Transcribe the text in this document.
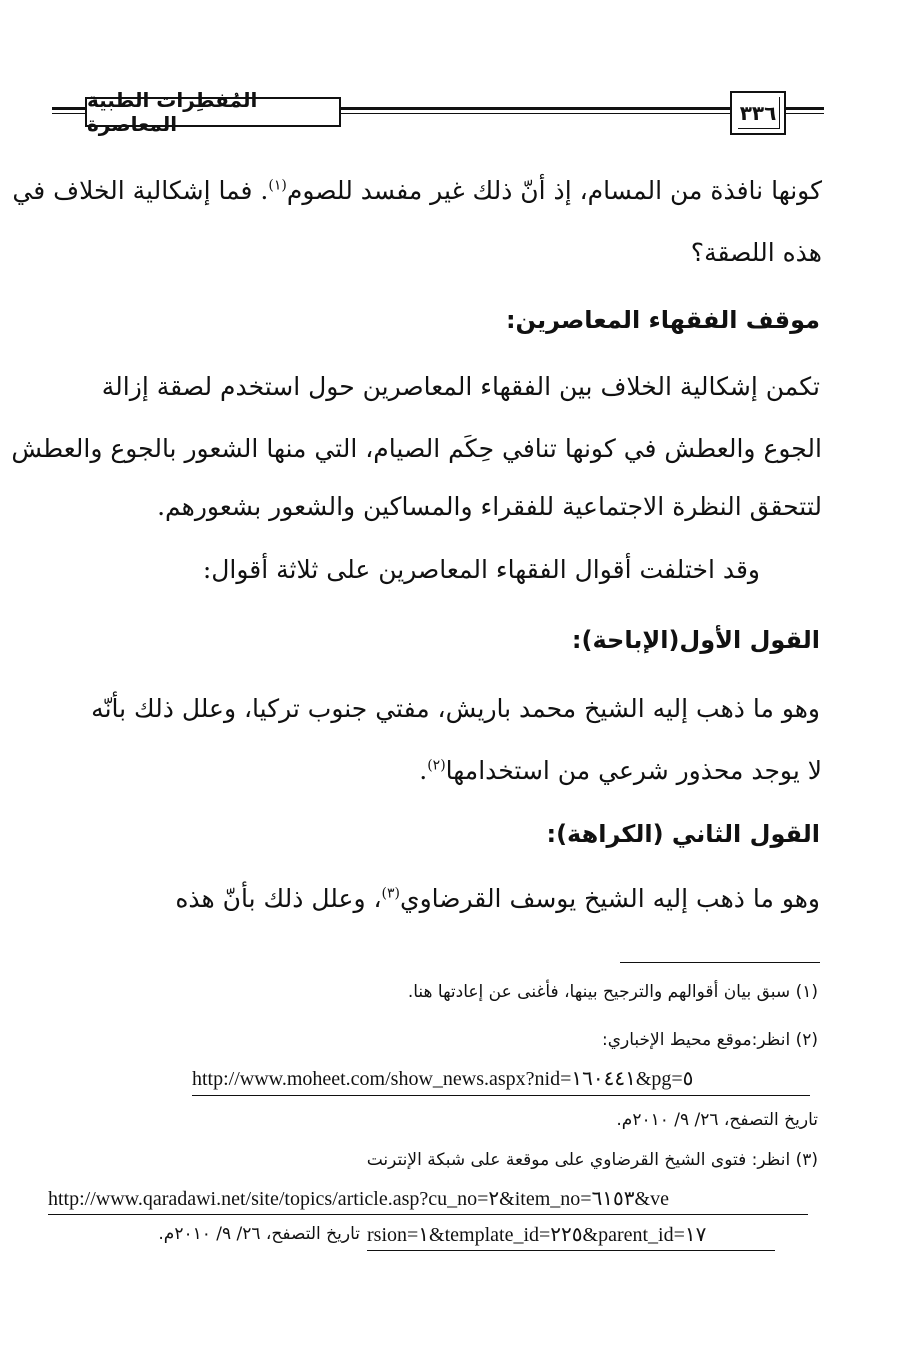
المُفطِرات الطبية المعاصرة	٣٣٦
كونها نافذة من المسام، إذ أنّ ذلك غير مفسد للصوم$^{(١)}$. فما إشكالية الخلاف في
هذه اللصقة؟
موقف الفقهاء المعاصرين:
تكمن إشكالية الخلاف بين الفقهاء المعاصرين حول استخدم لصقة إزالة
الجوع والعطش في كونها تنافي حِكَم الصيام، التي منها الشعور بالجوع والعطش
لتتحقق النظرة الاجتماعية للفقراء والمساكين والشعور بشعورهم.
وقد اختلفت أقوال الفقهاء المعاصرين على ثلاثة أقوال:
القول الأول(الإباحة):
وهو ما ذهب إليه الشيخ محمد باريش، مفتي جنوب تركيا، وعلل ذلك بأنّه
لا يوجد محذور شرعي من استخدامها$^{(٢)}$.
القول الثاني (الكراهة):
وهو ما ذهب إليه الشيخ يوسف القرضاوي$^{(٣)}$، وعلل ذلك بأنّ هذه
(١) سبق بيان أقوالهم والترجيح بينها، فأغنى عن إعادتها هنا.
(٢) انظر:موقع محيط الإخباري:
http://www.moheet.com/show_news.aspx?nid=١٦٠٤٤١&pg=٥
تاريخ التصفح، ٢٦/ ٩/ ٢٠١٠م.
(٣) انظر: فتوى الشيخ القرضاوي على موقعة على شبكة الإنترنت
http://www.qaradawi.net/site/topics/article.asp?cu_no=٢&item_no=٦١٥٣&ve
rsion=١&template_id=٢٢٥&parent_id=١٧
تاريخ التصفح، ٢٦/ ٩/ ٢٠١٠م.
